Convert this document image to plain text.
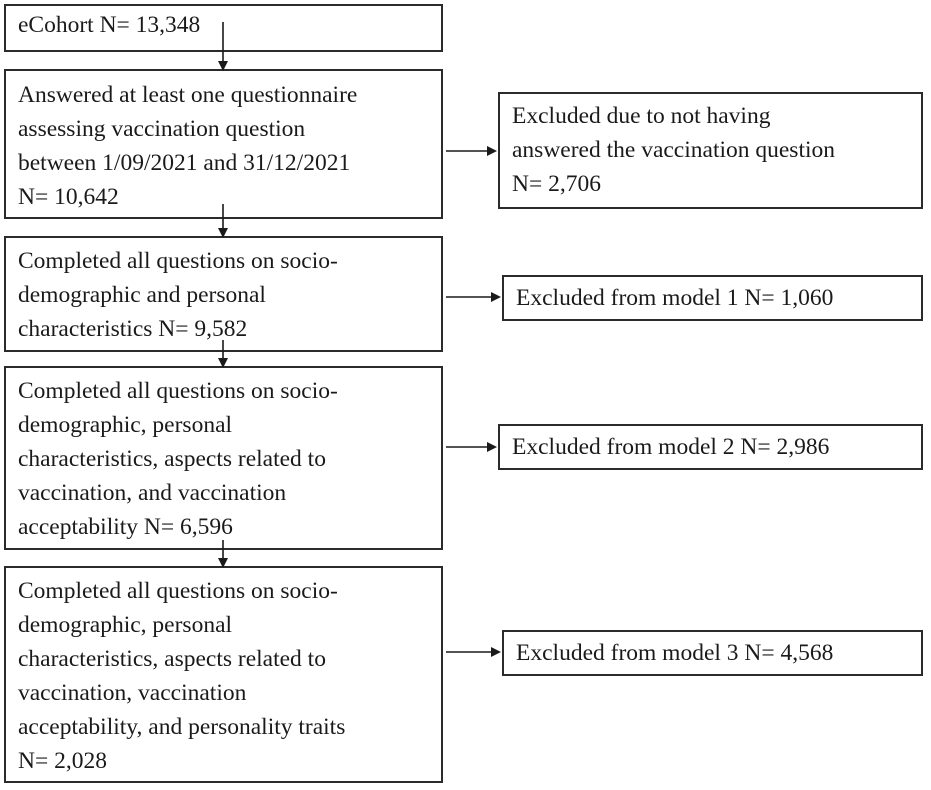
eCohort N= 13,348
Answered at least one questionnaire
assessing vaccination question
between 1/09/2021 and 31/12/2021
N= 10,642
Completed all questions on socio-
demographic and personal
characteristics N= 9,582
Completed all questions on socio-
demographic, personal
characteristics, aspects related to
vaccination, and vaccination
acceptability N= 6,596
Completed all questions on socio-
demographic, personal
characteristics, aspects related to
vaccination, vaccination
acceptability, and personality traits
N= 2,028
Excluded due to not having
answered the vaccination question
N= 2,706
Excluded from model 1 N= 1,060
Excluded from model 2 N= 2,986
Excluded from model 3 N= 4,568
